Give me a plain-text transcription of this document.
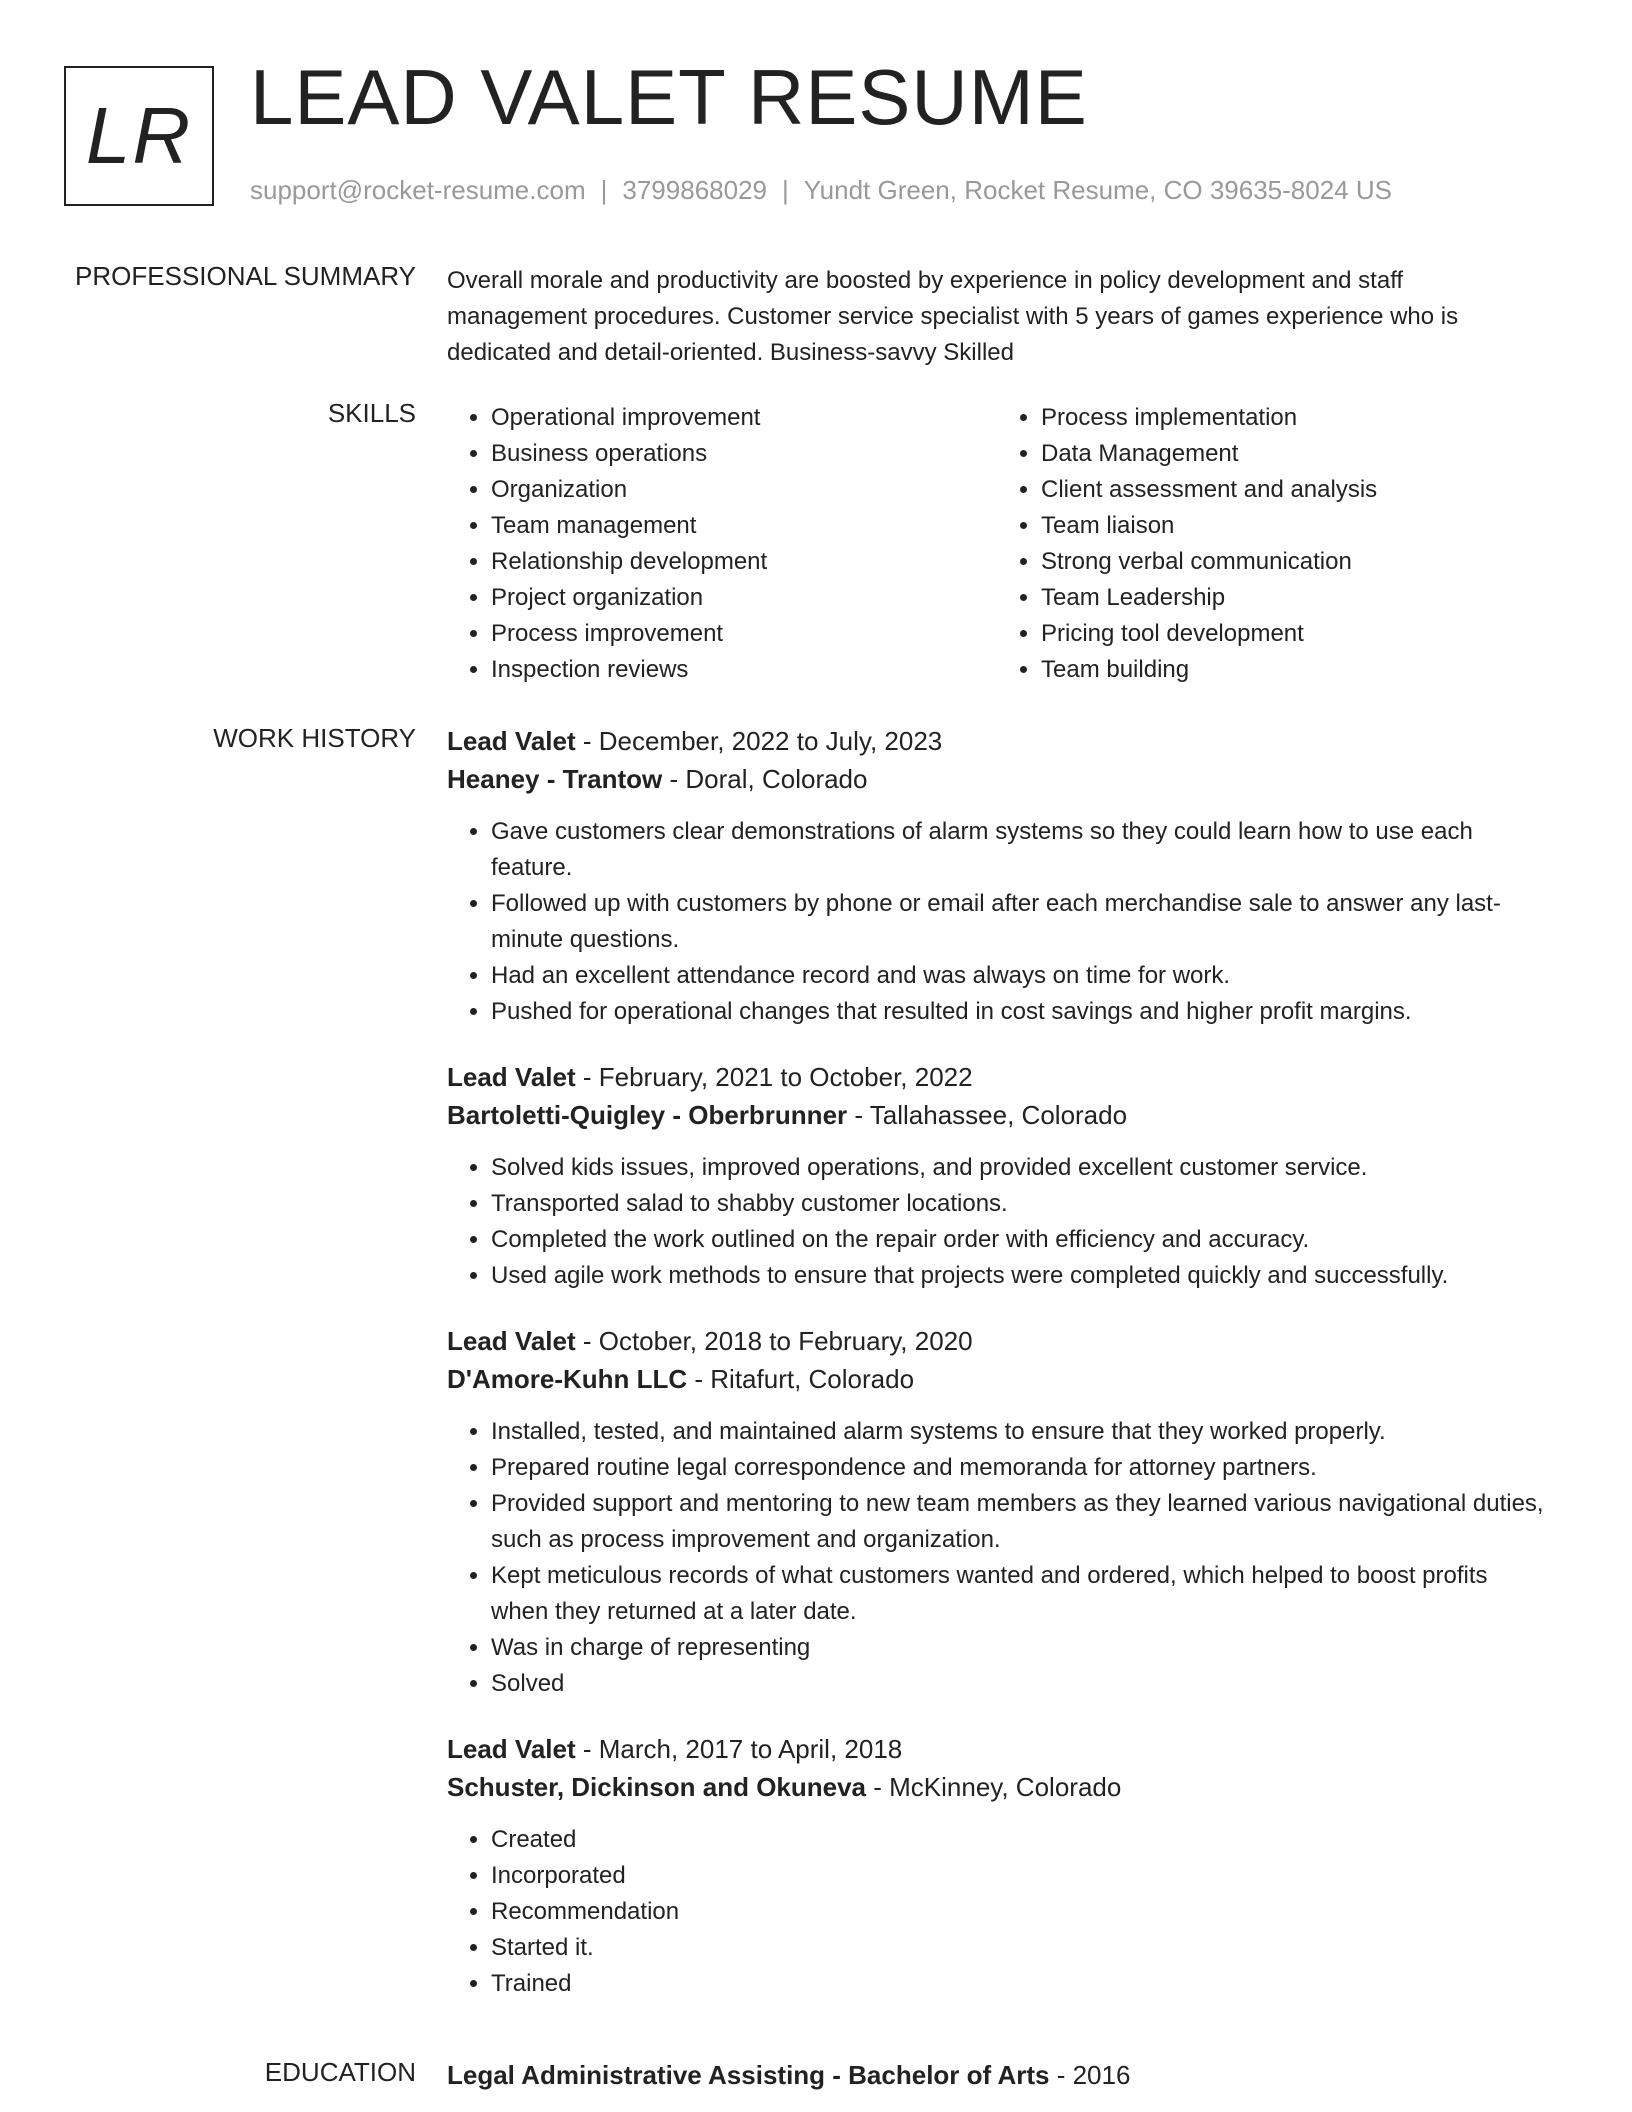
LR LEAD VALET RESUME
support@rocket-resume.com | 3799868029 | Yundt Green, Rocket Resume, CO 39635-8024 US
PROFESSIONAL SUMMARY Overall morale and productivity are boosted by experience in policy development and staff management procedures. Customer service specialist with 5 years of games experience who is dedicated and detail-oriented. Business-savvy Skilled

SKILLS
•	Operational improvement
• Business operations
• Organization
• Team management
• Relationship development
• Project organization
• Process improvement
• Inspection reviews
• Process implementation
• Data Management
• Client assessment and analysis
• Team liaison
• Strong verbal communication
• Team Leadership
• Pricing tool development
• Team building
WORK HISTORY Lead Valet - December, 2022 to July, 2023
Heaney - Trantow - Doral, Colorado
• Gave customers clear demonstrations of alarm systems so they could learn how to use each feature.
• Followed up with customers by phone or email after each merchandise sale to answer any last-minute questions.
• Had an excellent attendance record and was always on time for work.
• Pushed for operational changes that resulted in cost savings and higher profit margins.
Lead Valet - February, 2021 to October, 2022
Bartoletti-Quigley - Oberbrunner - Tallahassee, Colorado
• Solved kids issues, improved operations, and provided excellent customer service.
• Transported salad to shabby customer locations.
• Completed the work outlined on the repair order with efficiency and accuracy.
• Used agile work methods to ensure that projects were completed quickly and successfully.
Lead Valet - October, 2018 to February, 2020
D'Amore-Kuhn LLC - Ritafurt, Colorado
• Installed, tested, and maintained alarm systems to ensure that they worked properly.
• Prepared routine legal correspondence and memoranda for attorney partners.
• Provided support and mentoring to new team members as they learned various navigational duties, such as process improvement and organization.
• Kept meticulous records of what customers wanted and ordered, which helped to boost profits when they returned at a later date.
• Was in charge of representing
• Solved
Lead Valet - March, 2017 to April, 2018
Schuster, Dickinson and Okuneva - McKinney, Colorado
• Created
• Incorporated
• Recommendation
• Started it.
• Trained
EDUCATION Legal Administrative Assisting - Bachelor of Arts - 2016
